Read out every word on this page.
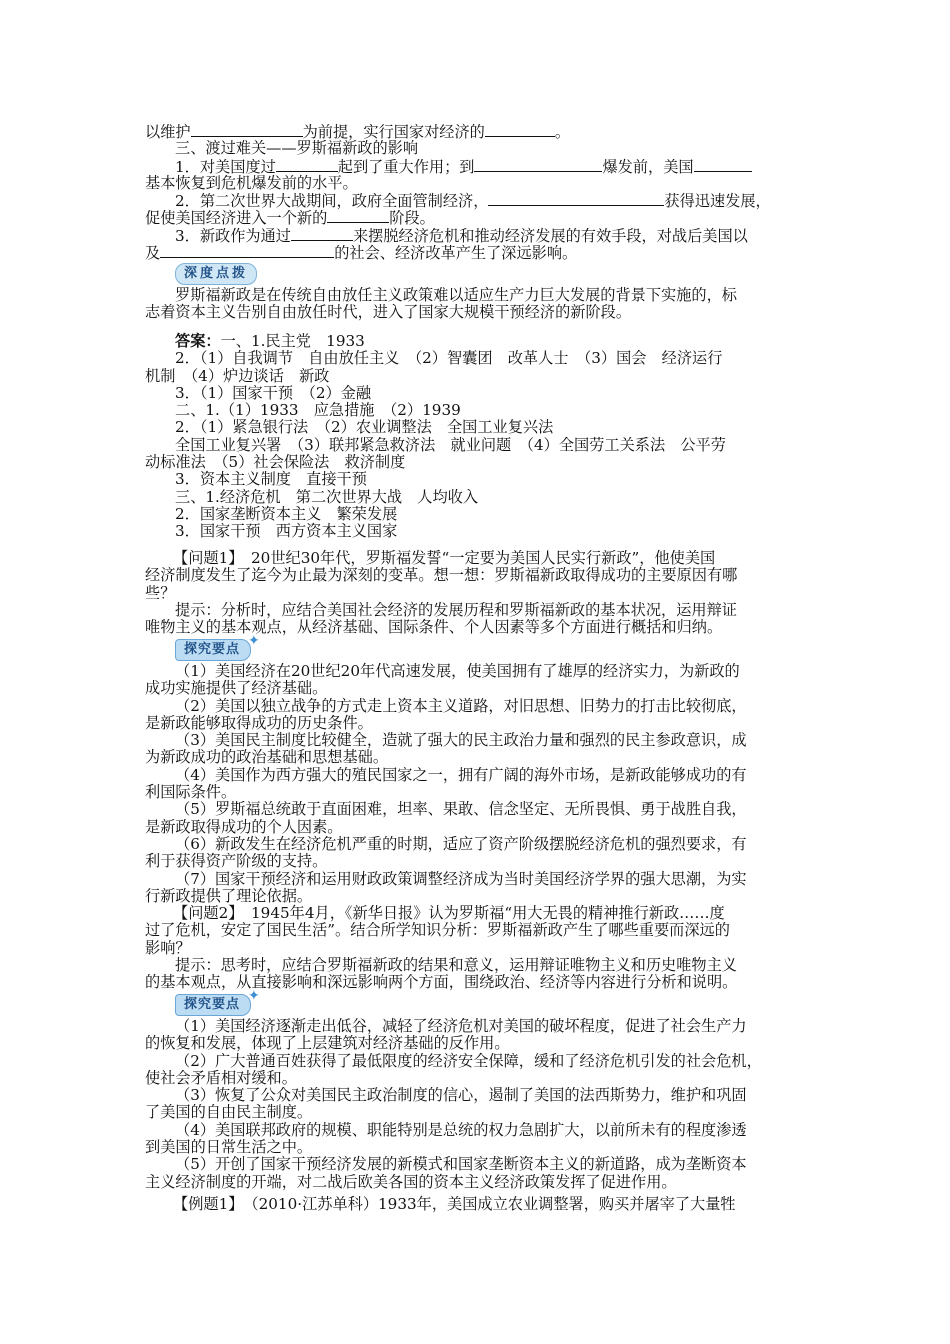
以维护	为前提，实行国家对经济的	。
三、渡过难关——罗斯福新政的影响
1．对美国度过	起到了重大作用；到	爆发前，美国
基本恢复到危机爆发前的水平。
2．第二次世界大战期间，政府全面管制经济，	获得迅速发展，
促使美国经济进入一个新的	阶段。
3．新政作为通过	来摆脱经济危机和推动经济发展的有效手段，对战后美国以
及	的社会、经济改革产生了深远影响。
深度点拨
罗斯福新政是在传统自由放任主义政策难以适应生产力巨大发展的背景下实施的，标
志着资本主义告别自由放任时代，进入了国家大规模干预经济的新阶段。
答案：一、1.民主党　1933
2．（1）自我调节　自由放任主义　（2）智囊团　改革人士　（3）国会　经济运行
机制　（4）炉边谈话　新政
3．（1）国家干预　（2）金融
二、1.（1）1933　应急措施　（2）1939
2．（1）紧急银行法　（2）农业调整法　全国工业复兴法
全国工业复兴署　（3）联邦紧急救济法　就业问题　（4）全国劳工关系法　公平劳
动标准法　（5）社会保险法　救济制度
3．资本主义制度　直接干预
三、1.经济危机　第二次世界大战　人均收入
2．国家垄断资本主义　繁荣发展
3．国家干预　西方资本主义国家
【问题1】　20世纪30年代，罗斯福发誓“一定要为美国人民实行新政”，他使美国
经济制度发生了迄今为止最为深刻的变革。想一想：罗斯福新政取得成功的主要原因有哪
些？
提示：分析时，应结合美国社会经济的发展历程和罗斯福新政的基本状况，运用辩证
唯物主义的基本观点，从经济基础、国际条件、个人因素等多个方面进行概括和归纳。
探究要点
✦
（1）美国经济在20世纪20年代高速发展，使美国拥有了雄厚的经济实力，为新政的
成功实施提供了经济基础。
（2）美国以独立战争的方式走上资本主义道路，对旧思想、旧势力的打击比较彻底，
是新政能够取得成功的历史条件。
（3）美国民主制度比较健全，造就了强大的民主政治力量和强烈的民主参政意识，成
为新政成功的政治基础和思想基础。
（4）美国作为西方强大的殖民国家之一，拥有广阔的海外市场，是新政能够成功的有
利国际条件。
（5）罗斯福总统敢于直面困难，坦率、果敢、信念坚定、无所畏惧、勇于战胜自我，
是新政取得成功的个人因素。
（6）新政发生在经济危机严重的时期，适应了资产阶级摆脱经济危机的强烈要求，有
利于获得资产阶级的支持。
（7）国家干预经济和运用财政政策调整经济成为当时美国经济学界的强大思潮，为实
行新政提供了理论依据。
【问题2】　1945年4月，《新华日报》认为罗斯福“用大无畏的精神推行新政……度
过了危机，安定了国民生活”。结合所学知识分析：罗斯福新政产生了哪些重要而深远的
影响？
提示：思考时，应结合罗斯福新政的结果和意义，运用辩证唯物主义和历史唯物主义
的基本观点，从直接影响和深远影响两个方面，围绕政治、经济等内容进行分析和说明。
探究要点
✦
（1）美国经济逐渐走出低谷，减轻了经济危机对美国的破坏程度，促进了社会生产力
的恢复和发展，体现了上层建筑对经济基础的反作用。
（2）广大普通百姓获得了最低限度的经济安全保障，缓和了经济危机引发的社会危机，
使社会矛盾相对缓和。
（3）恢复了公众对美国民主政治制度的信心，遏制了美国的法西斯势力，维护和巩固
了美国的自由民主制度。
（4）美国联邦政府的规模、职能特别是总统的权力急剧扩大，以前所未有的程度渗透
到美国的日常生活之中。
（5）开创了国家干预经济发展的新模式和国家垄断资本主义的新道路，成为垄断资本
主义经济制度的开端，对二战后欧美各国的资本主义经济政策发挥了促进作用。
【例题1】　（2010·江苏单科）1933年，美国成立农业调整署，购买并屠宰了大量牲
